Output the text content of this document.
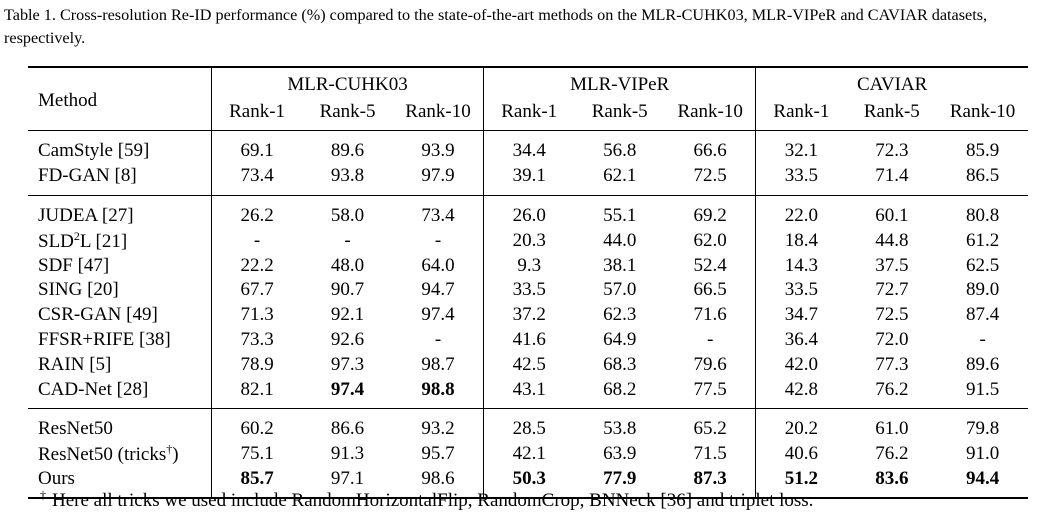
Table 1. Cross-resolution Re-ID performance (%) compared to the state-of-the-art methods on the MLR-CUHK03, MLR-VIPeR and CAVIAR datasets, respectively.
Method	MLR-CUHK03			MLR-VIPeR			CAVIAR		
	Rank-1	Rank-5	Rank-10	Rank-1	Rank-5	Rank-10	Rank-1	Rank-5	Rank-10
CamStyle [59]	69.1	89.6	93.9	34.4	56.8	66.6	32.1	72.3	85.9
FD-GAN [8]	73.4	93.8	97.9	39.1	62.1	72.5	33.5	71.4	86.5
JUDEA [27]	26.2	58.0	73.4	26.0	55.1	69.2	22.0	60.1	80.8
SLD$^2$L [21]	-	-	-	20.3	44.0	62.0	18.4	44.8	61.2
SDF [47]	22.2	48.0	64.0	9.3	38.1	52.4	14.3	37.5	62.5
SING [20]	67.7	90.7	94.7	33.5	57.0	66.5	33.5	72.7	89.0
CSR-GAN [49]	71.3	92.1	97.4	37.2	62.3	71.6	34.7	72.5	87.4
FFSR+RIFE [38]	73.3	92.6	-	41.6	64.9	-	36.4	72.0	-
RAIN [5]	78.9	97.3	98.7	42.5	68.3	79.6	42.0	77.3	89.6
CAD-Net [28]	82.1	97.4	98.8	43.1	68.2	77.5	42.8	76.2	91.5
ResNet50	60.2	86.6	93.2	28.5	53.8	65.2	20.2	61.0	79.8
ResNet50 (tricks†)	75.1	91.3	95.7	42.1	63.9	71.5	40.6	76.2	91.0
Ours	85.7	97.1	98.6	50.3	77.9	87.3	51.2	83.6	94.4
† Here all tricks we used include RandomHorizontalFlip, RandomCrop, BNNeck [36] and triplet loss.
